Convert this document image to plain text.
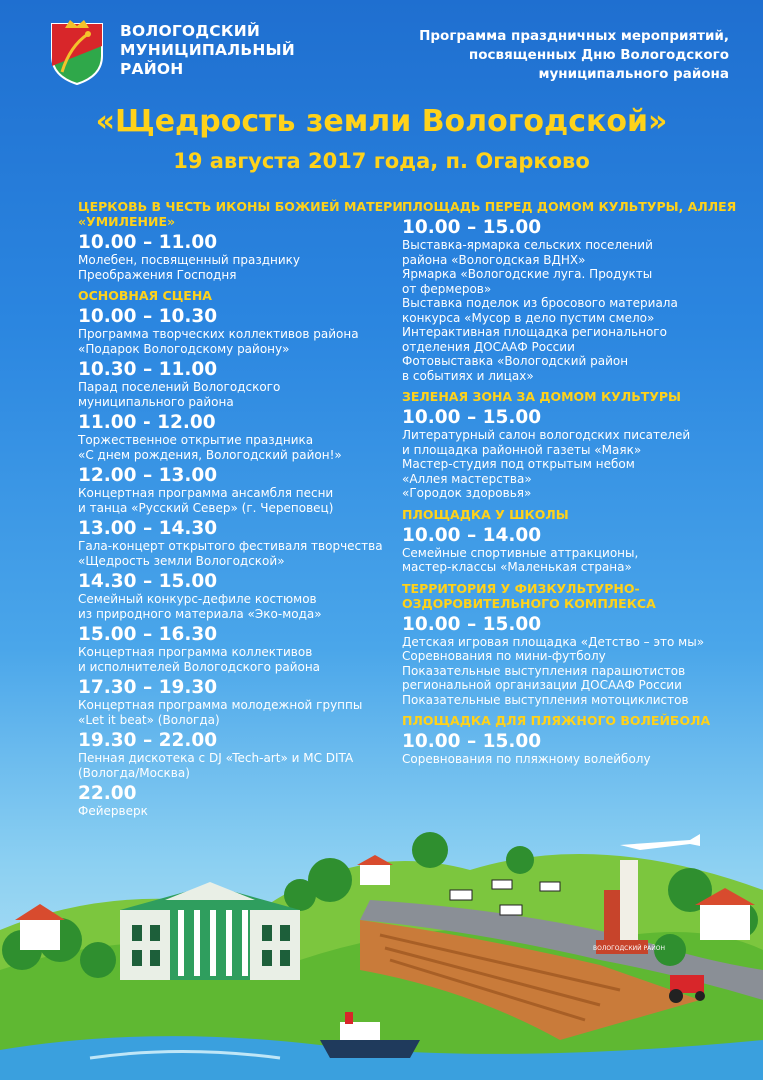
ВОЛОГОДСКИЙ
МУНИЦИПАЛЬНЫЙ
РАЙОН
Программа праздничных мероприятий,
посвященных Дню Вологодского
муниципального района
«Щедрость земли Вологодской»
19 августа 2017 года, п. Огарково
ЦЕРКОВЬ В ЧЕСТЬ ИКОНЫ БОЖИЕЙ МАТЕРИ
«УМИЛЕНИЕ»
10.00 – 11.00
Молебен, посвященный празднику
Преображения Господня
ОСНОВНАЯ СЦЕНА
10.00 – 10.30
Программа творческих коллективов района
«Подарок Вологодскому району»
10.30 – 11.00
Парад поселений Вологодского
муниципального района
11.00 - 12.00
Торжественное открытие праздника
«С днем рождения, Вологодский район!»
12.00 – 13.00
Концертная программа ансамбля песни
и танца «Русский Север» (г. Череповец)
13.00 – 14.30
Гала-концерт открытого фестиваля творчества
«Щедрость земли Вологодской»
14.30 – 15.00
Семейный конкурс-дефиле костюмов
из природного материала «Эко-мода»
15.00 – 16.30
Концертная программа коллективов
и исполнителей Вологодского района
17.30 – 19.30
Концертная программа молодежной группы
«Let it beat» (Вологда)
19.30 – 22.00
Пенная дискотека с DJ «Tech-art» и MC DITA
(Вологда/Москва)
22.00
Фейерверк
ПЛОЩАДЬ ПЕРЕД ДОМОМ КУЛЬТУРЫ, АЛЛЕЯ
10.00 – 15.00
Выставка-ярмарка сельских поселений
района «Вологодская ВДНХ»
Ярмарка «Вологодские луга. Продукты
от фермеров»
Выставка поделок из бросового материала
конкурса «Мусор в дело пустим смело»
Интерактивная площадка регионального
отделения ДОСААФ России
Фотовыставка «Вологодский район
в событиях и лицах»
ЗЕЛЕНАЯ ЗОНА ЗА ДОМОМ КУЛЬТУРЫ
10.00 – 15.00
Литературный салон вологодских писателей
и площадка районной газеты «Маяк»
Мастер-студия под открытым небом
«Аллея мастерства»
«Городок здоровья»
ПЛОЩАДКА У ШКОЛЫ
10.00 – 14.00
Семейные спортивные аттракционы,
мастер-классы «Маленькая страна»
ТЕРРИТОРИЯ У ФИЗКУЛЬТУРНО-
ОЗДОРОВИТЕЛЬНОГО КОМПЛЕКСА
10.00 – 15.00
Детская игровая площадка «Детство – это мы»
Соревнования по мини-футболу
Показательные выступления парашютистов
региональной организации ДОСААФ России
Показательные выступления мотоциклистов
ПЛОЩАДКА ДЛЯ ПЛЯЖНОГО ВОЛЕЙБОЛА
10.00 – 15.00
Соревнования по пляжному волейболу
ВОЛОГОДСКИЙ РАЙОН
